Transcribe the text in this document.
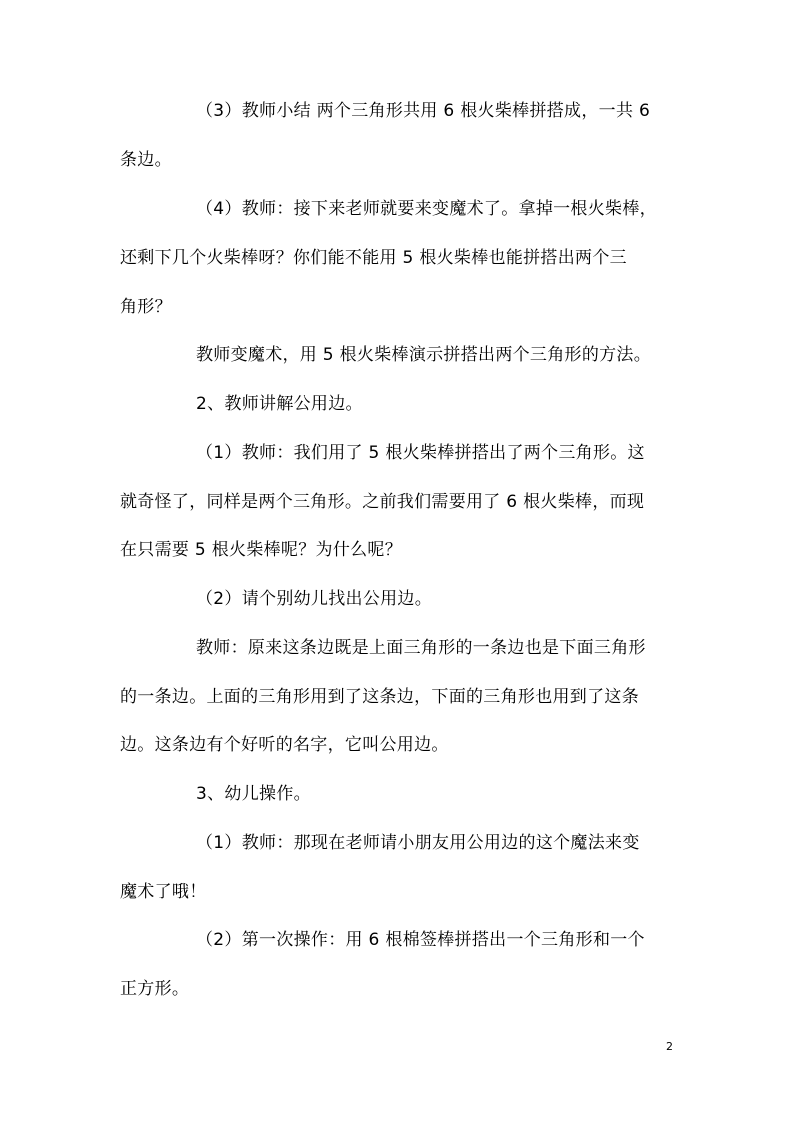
（3）教师小结 两个三角形共用 6 根火柴棒拼搭成，一共 6
条边。
（4）教师：接下来老师就要来变魔术了。拿掉一根火柴棒，
还剩下几个火柴棒呀？你们能不能用 5 根火柴棒也能拼搭出两个三
角形？
教师变魔术，用 5 根火柴棒演示拼搭出两个三角形的方法。
2、教师讲解公用边。
（1）教师：我们用了 5 根火柴棒拼搭出了两个三角形。这
就奇怪了，同样是两个三角形。之前我们需要用了 6 根火柴棒，而现
在只需要 5 根火柴棒呢？为什么呢？
（2）请个别幼儿找出公用边。
教师：原来这条边既是上面三角形的一条边也是下面三角形
的一条边。上面的三角形用到了这条边，下面的三角形也用到了这条
边。这条边有个好听的名字，它叫公用边。
3、幼儿操作。
（1）教师：那现在老师请小朋友用公用边的这个魔法来变
魔术了哦！
（2）第一次操作：用 6 根棉签棒拼搭出一个三角形和一个
正方形。
2
